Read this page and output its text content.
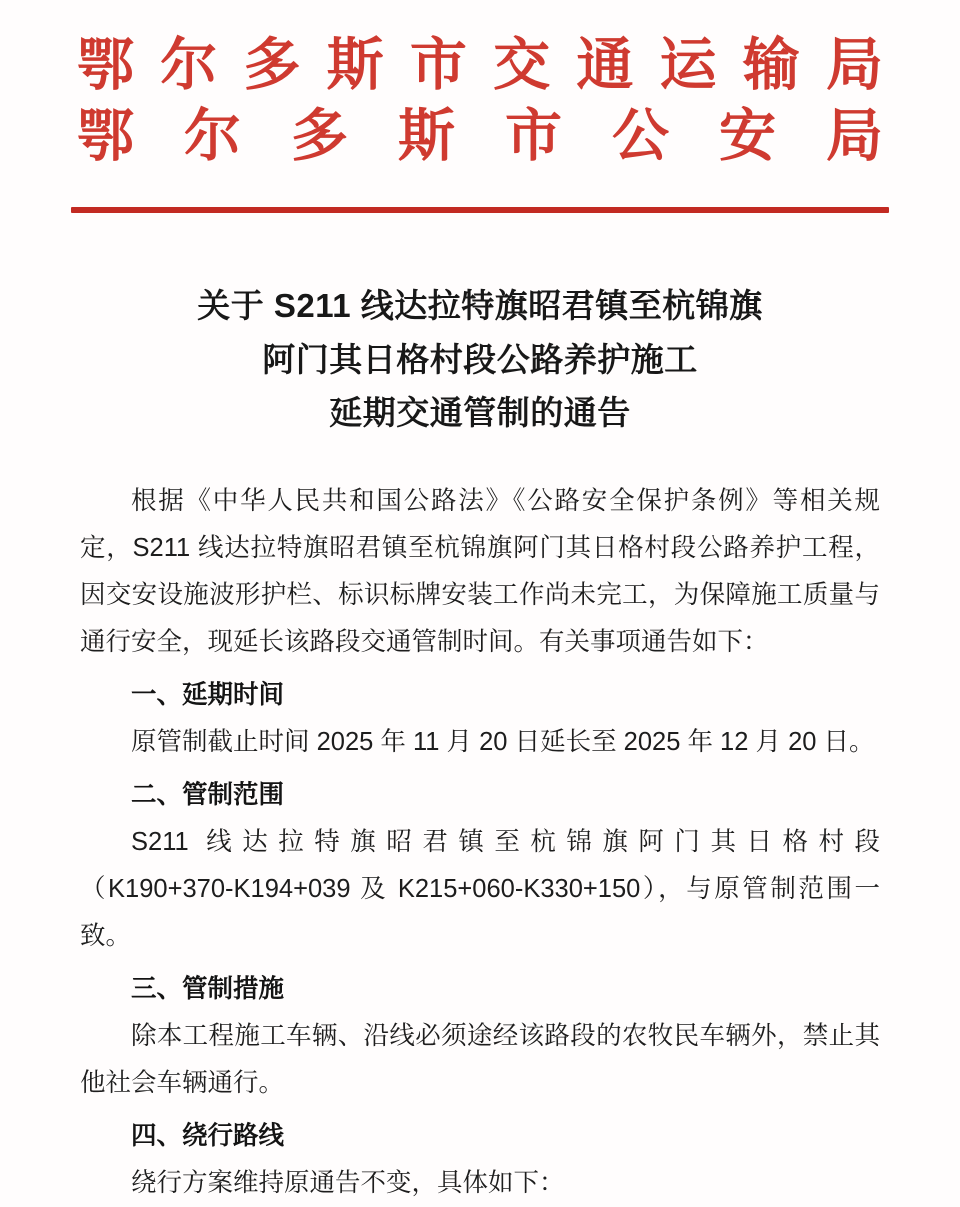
鄂 尔 多 斯 市 交 通 运 输 局
鄂 尔 多 斯 市 公 安 局
关于 S211 线达拉特旗昭君镇至杭锦旗
阿门其日格村段公路养护施工
延期交通管制的通告

根据《中华人民共和国公路法》《公路安全保护条例》等相关规定，S211 线达拉特旗昭君镇至杭锦旗阿门其日格村段公路养护工程，因交安设施波形护栏、标识标牌安装工作尚未完工，为保障施工质量与通行安全，现延长该路段交通管制时间。有关事项通告如下：

一、延期时间

原管制截止时间 2025 年 11 月 20 日延长至 2025 年 12 月 20 日。

二、管制范围

S211 线达拉特旗昭君镇至杭锦旗阿门其日格村段

（K190+370-K194+039 及 K215+060-K330+150），与原管制范围一致。

三、管制措施

除本工程施工车辆、沿线必须途经该路段的农牧民车辆外，禁止其他社会车辆通行。

四、绕行路线

绕行方案维持原通告不变，具体如下：
